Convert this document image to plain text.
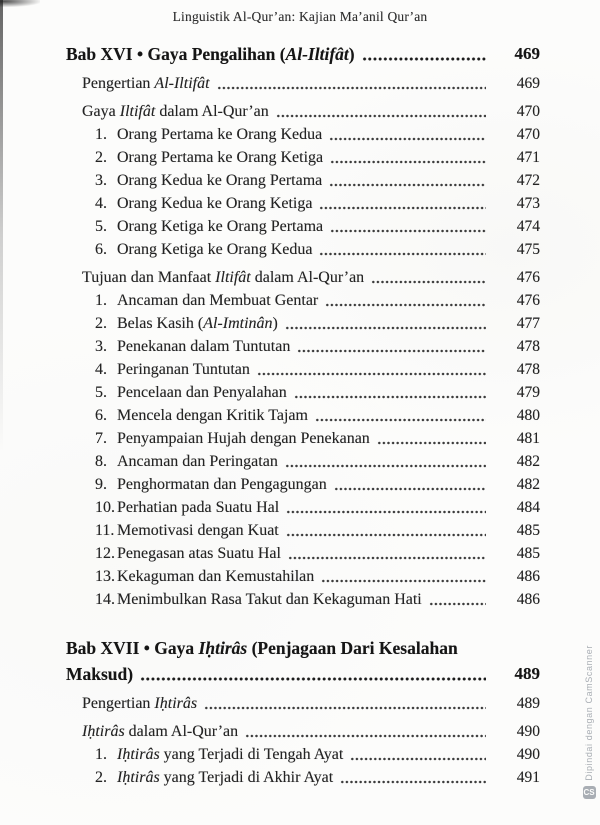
Linguistik Al-Qur’an: Kajian Ma’anil Qur’an
Bab XVI • Gaya Pengalihan (Al-Iltifât)	469
Pengertian Al-Iltifât	469
Gaya Iltifât dalam Al-Qur’an	470
1. Orang Pertama ke Orang Kedua	470
2. Orang Pertama ke Orang Ketiga	471
3. Orang Kedua ke Orang Pertama	472
4. Orang Kedua ke Orang Ketiga	473
5. Orang Ketiga ke Orang Pertama	474
6. Orang Ketiga ke Orang Kedua	475
Tujuan dan Manfaat Iltifât dalam Al-Qur’an	476
1. Ancaman dan Membuat Gentar	476
2. Belas Kasih (Al-Imtinân)	477
3. Penekanan dalam Tuntutan	478
4. Peringanan Tuntutan	478
5. Pencelaan dan Penyalahan	479
6. Mencela dengan Kritik Tajam	480
7. Penyampaian Hujah dengan Penekanan	481
8. Ancaman dan Peringatan	482
9. Penghormatan dan Pengagungan	482
10. Perhatian pada Suatu Hal	484
11. Memotivasi dengan Kuat	485
12. Penegasan atas Suatu Hal	485
13. Kekaguman dan Kemustahilan	486
14. Menimbulkan Rasa Takut dan Kekaguman Hati	486
Bab XVII • Gaya Iḥtirâs (Penjagaan Dari Kesalahan
Maksud)	489
Pengertian Iḥtirâs	489
Iḥtirâs dalam Al-Qur’an	490
1. Iḥtirâs yang Terjadi di Tengah Ayat	490
2. Iḥtirâs yang Terjadi di Akhir Ayat	491	Dipindai dengan CamScanner
CS
